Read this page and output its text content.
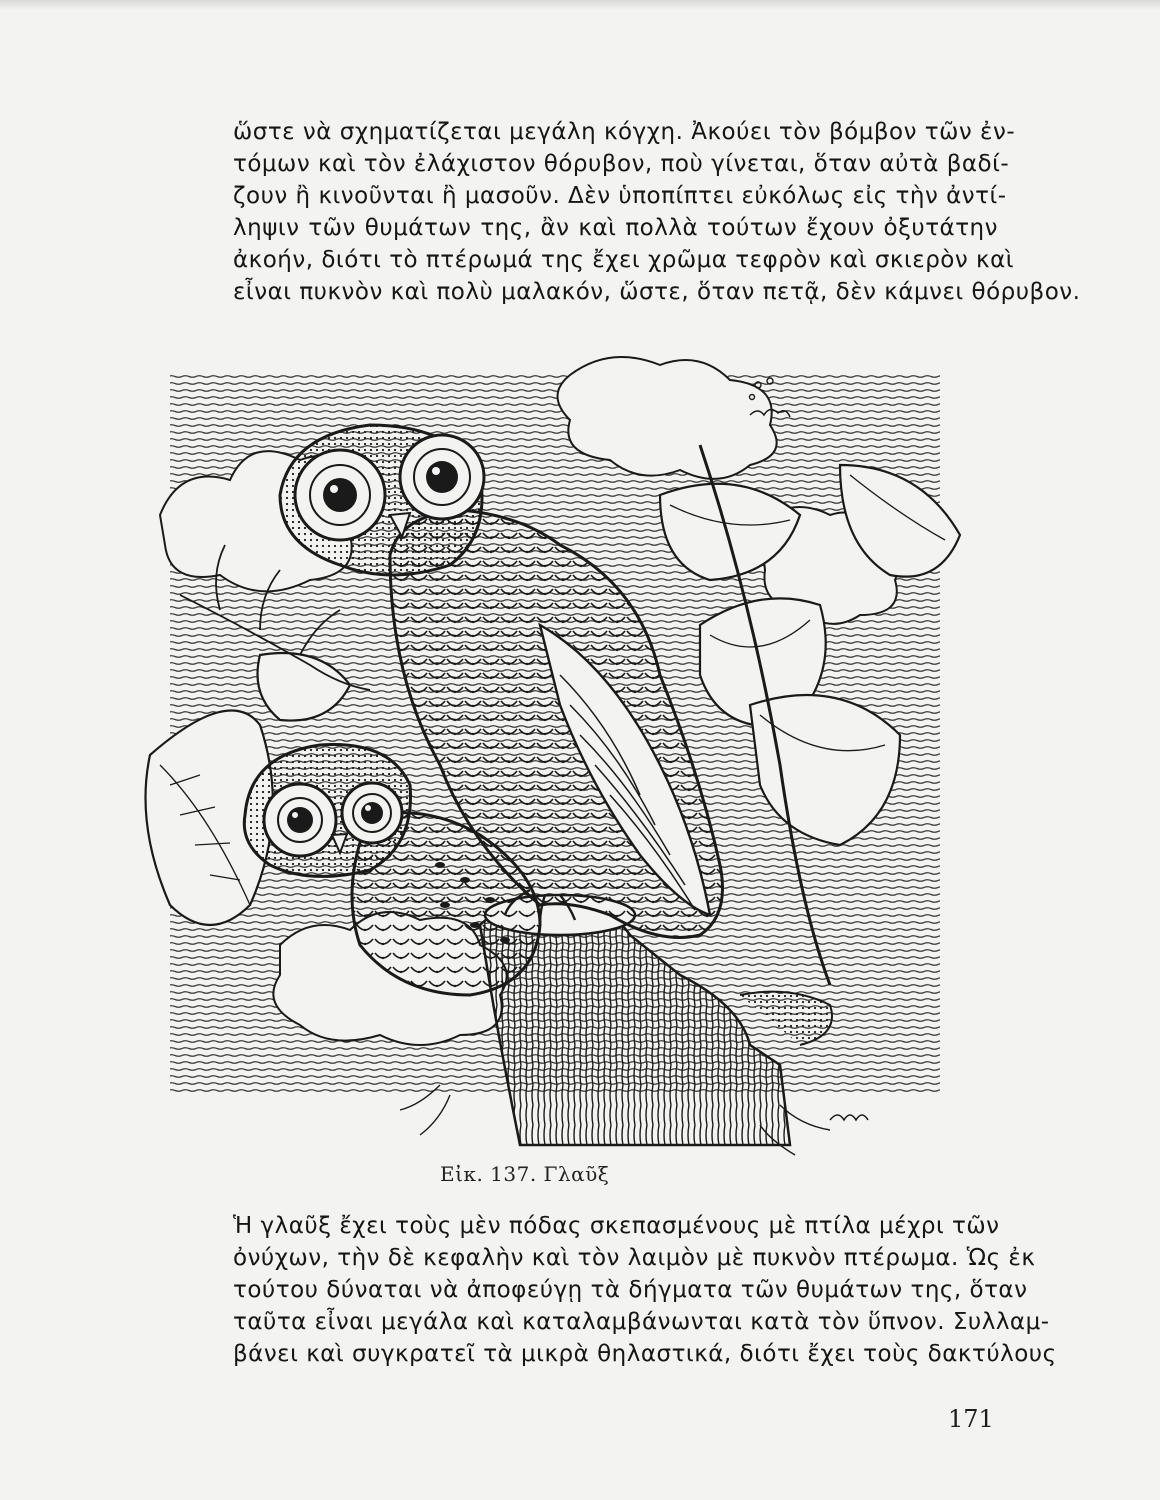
ὥστε νὰ σχηματίζεται μεγάλη κόγχη. Ἀκούει τὸν βόμβον τῶν ἐν-
τόμων καὶ τὸν ἐλάχιστον θόρυβον, ποὺ γίνεται, ὅταν αὐτὰ βαδί-
ζουν ἢ κινοῦνται ἢ μασοῦν. Δὲν ὑποπίπτει εὐκόλως εἰς τὴν ἀντί-
ληψιν τῶν θυμάτων της, ἂν καὶ πολλὰ τούτων ἔχουν ὀξυτάτην
ἀκοήν, διότι τὸ πτέρωμά της ἔχει χρῶμα τεφρὸν καὶ σκιερὸν καὶ
εἶναι πυκνὸν καὶ πολὺ μαλακόν, ὥστε, ὅταν πετᾷ, δὲν κάμνει θόρυβον.
Εἰκ. 137. Γλαῦξ
Ἡ γλαῦξ ἔχει τοὺς μὲν πόδας σκεπασμένους μὲ πτίλα μέχρι τῶν
ὀνύχων, τὴν δὲ κεφαλὴν καὶ τὸν λαιμὸν μὲ πυκνὸν πτέρωμα. Ὡς ἐκ
τούτου δύναται νὰ ἀποφεύγῃ τὰ δήγματα τῶν θυμάτων της, ὅταν
ταῦτα εἶναι μεγάλα καὶ καταλαμβάνωνται κατὰ τὸν ὕπνον. Συλλαμ-
βάνει καὶ συγκρατεῖ τὰ μικρὰ θηλαστικά, διότι ἔχει τοὺς δακτύλους
171
